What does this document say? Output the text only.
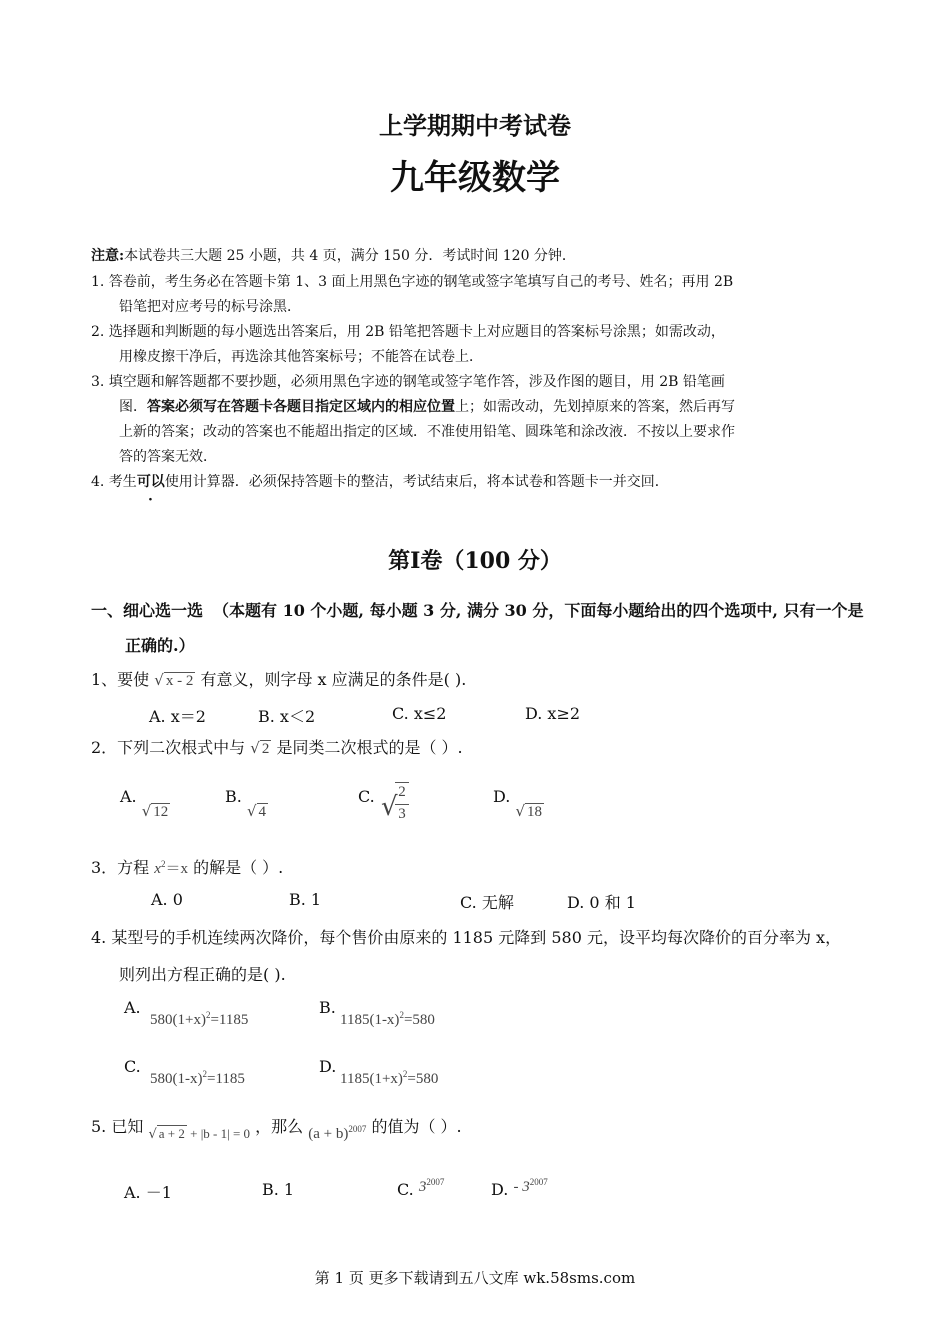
上学期期中考试卷
九年级数学
注意:本试卷共三大题 25 小题，共 4 页，满分 150 分．考试时间 120 分钟．
1. 答卷前，考生务必在答题卡第 1、3 面上用黑色字迹的钢笔或签字笔填写自己的考号、姓名；再用 2B
铅笔把对应考号的标号涂黑．
2. 选择题和判断题的每小题选出答案后，用 2B 铅笔把答题卡上对应题目的答案标号涂黑；如需改动，
用橡皮擦干净后，再选涂其他答案标号；不能答在试卷上．
3. 填空题和解答题都不要抄题，必须用黑色字迹的钢笔或签字笔作答，涉及作图的题目，用 2B 铅笔画
图．答案必须写在答题卡各题目指定区域内的相应位置上；如需改动，先划掉原来的答案，然后再写
上新的答案；改动的答案也不能超出指定的区域．不准使用铅笔、圆珠笔和涂改液．不按以上要求作
答的答案无效．
4. 考生可以使用计算器．必须保持答题卡的整洁，考试结束后，将本试卷和答题卡一并交回．
第Ⅰ卷（100 分）
一、细心选一选 （本题有 10 个小题, 每小题 3 分, 满分 30 分，下面每小题给出的四个选项中, 只有一个是
正确的.）
1、要使 √ x - 2 有意义，则字母 x 应满足的条件是( ).
A. x＝2	B. x＜2	C. x≤2	D. x≥2
2．下列二次根式中与 √ 2 是同类二次根式的是（ ）.
A. √ 12
B. √ 4
C. √ 2
3
D. √ 18
3．方程 $x^2=x$ 的解是（ ）.
A. 0	B. 1	C. 无解	D. 0 和 1
4. 某型号的手机连续两次降价，每个售价由原来的 1185 元降到 580 元，设平均每次降价的百分率为 x，
则列出方程正确的是( ).
A.
$580(1+x)^2=1185$
B.
$1185(1-x)^2=580$
C.
$580(1-x)^2=1185$
D.
$1185(1+x)^2=580$
5. 已知 $_{√ a + 2 + |b - 1| = 0}$ ，那么 $(a + b)^{2007}$ 的值为（ ）.
A. －1	B. 1	C. $3^{2007}$	D. - $3^{2007}$
第 1 页 更多下载请到五八文库 wk.58sms.com
